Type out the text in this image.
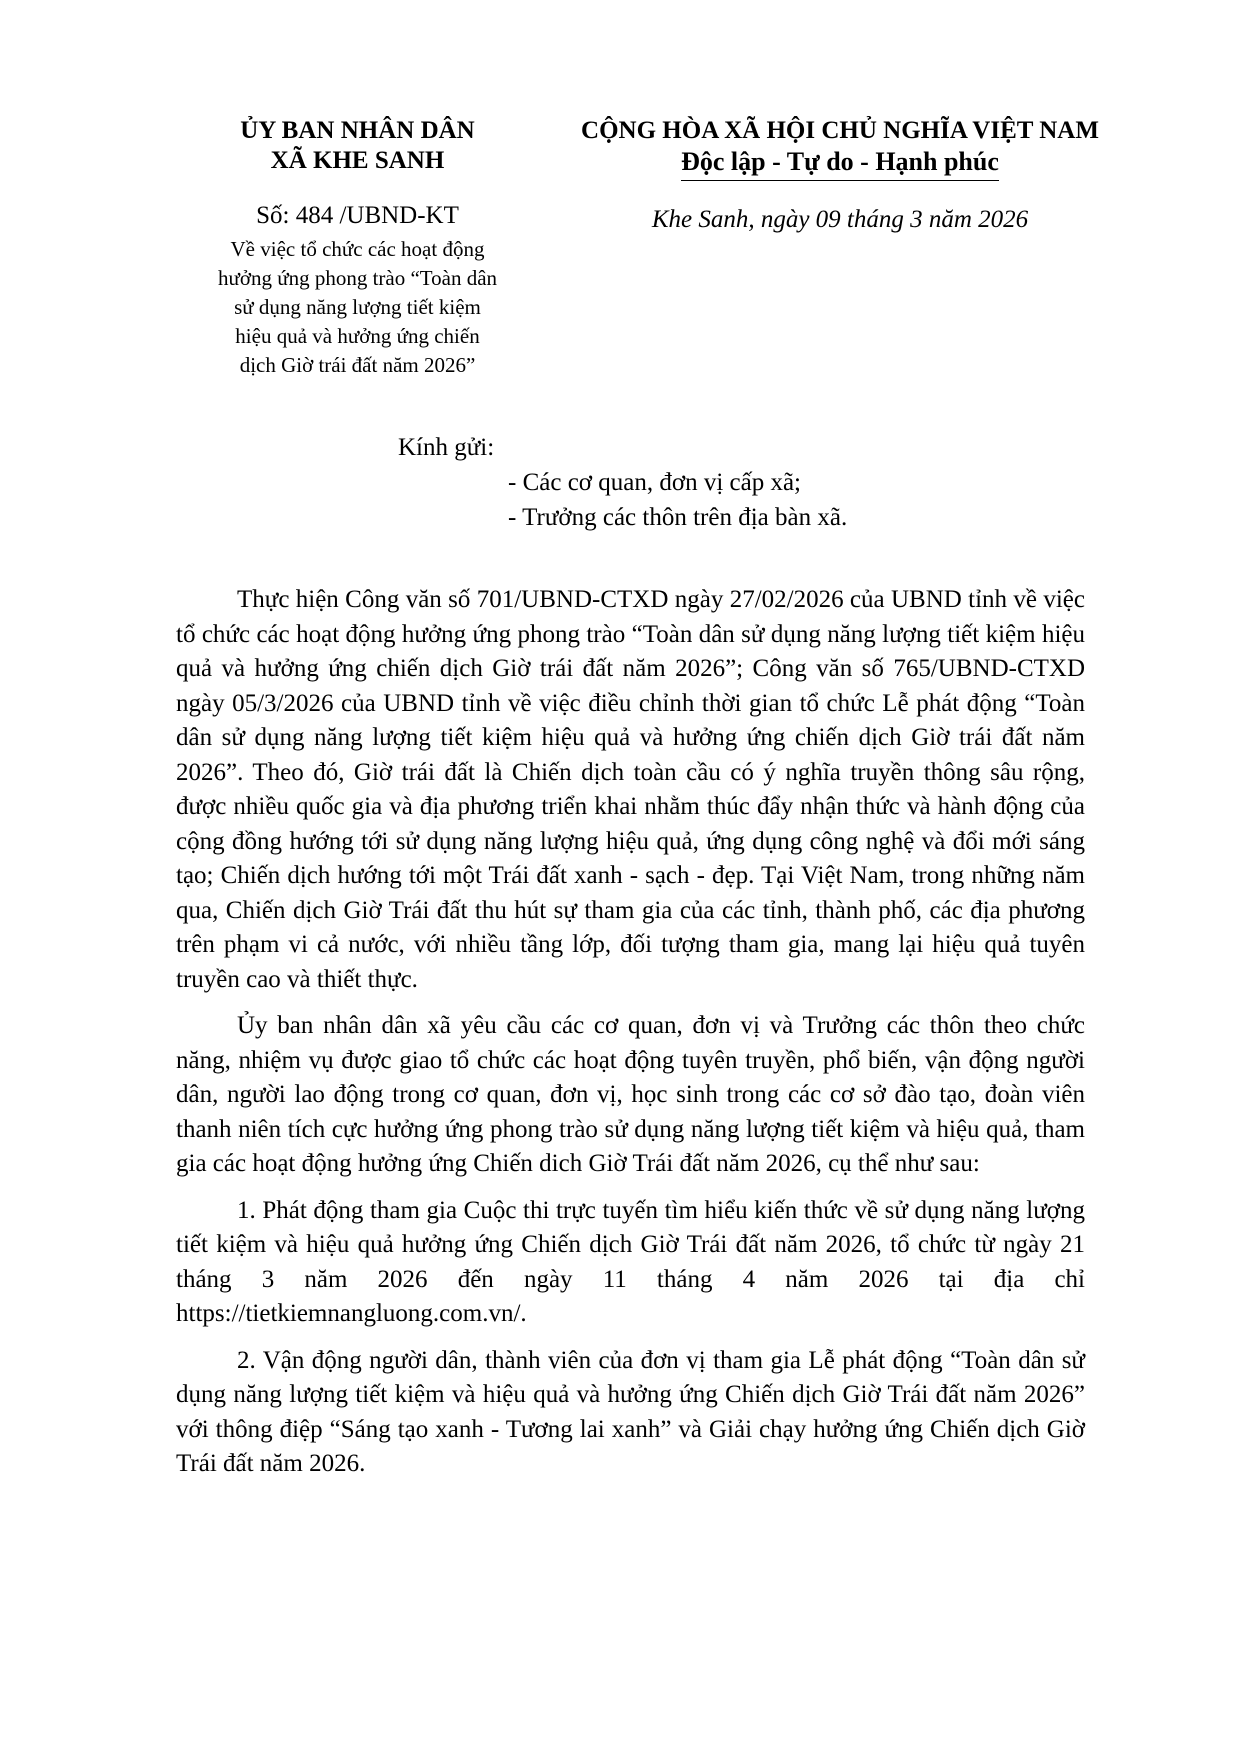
ỦY BAN NHÂN DÂN
XÃ KHE SANH
Số: 484 /UBND-KT
Về việc tổ chức các hoạt động
hưởng ứng phong trào “Toàn dân
sử dụng năng lượng tiết kiệm
hiệu quả và hưởng ứng chiến
dịch Giờ trái đất năm 2026”
CỘNG HÒA XÃ HỘI CHỦ NGHĨA VIỆT NAM
Độc lập - Tự do - Hạnh phúc
Khe Sanh, ngày 09 tháng 3 năm 2026
Kính gửi:
- Các cơ quan, đơn vị cấp xã;
- Trưởng các thôn trên địa bàn xã.

Thực hiện Công văn số 701/UBND-CTXD ngày 27/02/2026 của UBND tỉnh về việc tổ chức các hoạt động hưởng ứng phong trào “Toàn dân sử dụng năng lượng tiết kiệm hiệu quả và hưởng ứng chiến dịch Giờ trái đất năm 2026”; Công văn số 765/UBND-CTXD ngày 05/3/2026 của UBND tỉnh về việc điều chỉnh thời gian tổ chức Lễ phát động “Toàn dân sử dụng năng lượng tiết kiệm hiệu quả và hưởng ứng chiến dịch Giờ trái đất năm 2026”. Theo đó, Giờ trái đất là Chiến dịch toàn cầu có ý nghĩa truyền thông sâu rộng, được nhiều quốc gia và địa phương triển khai nhằm thúc đẩy nhận thức và hành động của cộng đồng hướng tới sử dụng năng lượng hiệu quả, ứng dụng công nghệ và đổi mới sáng tạo; Chiến dịch hướng tới một Trái đất xanh - sạch - đẹp. Tại Việt Nam, trong những năm qua, Chiến dịch Giờ Trái đất thu hút sự tham gia của các tỉnh, thành phố, các địa phương trên phạm vi cả nước, với nhiều tầng lớp, đối tượng tham gia, mang lại hiệu quả tuyên truyền cao và thiết thực.

Ủy ban nhân dân xã yêu cầu các cơ quan, đơn vị và Trưởng các thôn theo chức năng, nhiệm vụ được giao tổ chức các hoạt động tuyên truyền, phổ biến, vận động người dân, người lao động trong cơ quan, đơn vị, học sinh trong các cơ sở đào tạo, đoàn viên thanh niên tích cực hưởng ứng phong trào sử dụng năng lượng tiết kiệm và hiệu quả, tham gia các hoạt động hưởng ứng Chiến dich Giờ Trái đất năm 2026, cụ thể như sau:

1. Phát động tham gia Cuộc thi trực tuyến tìm hiểu kiến thức về sử dụng năng lượng tiết kiệm và hiệu quả hưởng ứng Chiến dịch Giờ Trái đất năm 2026, tổ chức từ ngày 21 tháng 3 năm 2026 đến ngày 11 tháng 4 năm 2026 tại địa chỉ https://tietkiemnangluong.com.vn/.

2. Vận động người dân, thành viên của đơn vị tham gia Lễ phát động “Toàn dân sử dụng năng lượng tiết kiệm và hiệu quả và hưởng ứng Chiến dịch Giờ Trái đất năm 2026” với thông điệp “Sáng tạo xanh - Tương lai xanh” và Giải chạy hưởng ứng Chiến dịch Giờ Trái đất năm 2026.
